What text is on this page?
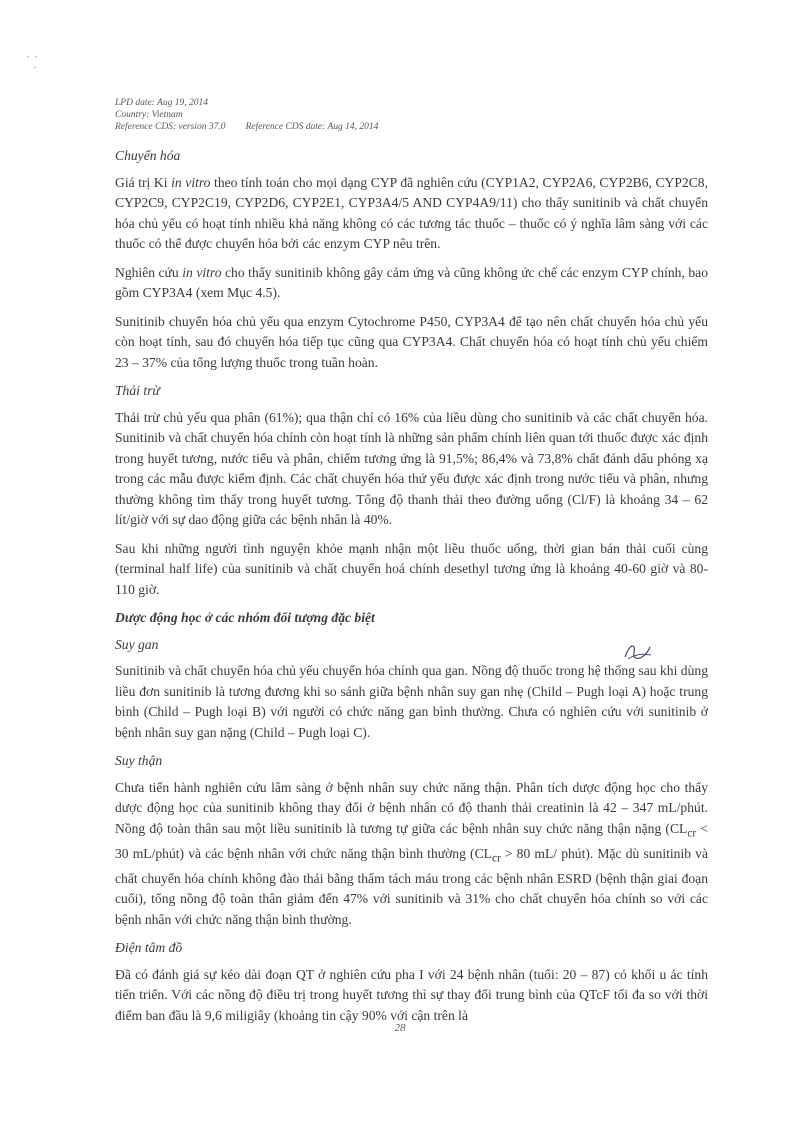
·  ·
·
LPD date: Aug 19, 2014
Country: Vietnam
Reference CDS: version 37.0 Reference CDS date: Aug 14, 2014
Chuyển hóa

Giá trị Ki in vitro theo tính toán cho mọi dạng CYP đã nghiên cứu (CYP1A2, CYP2A6, CYP2B6, CYP2C8, CYP2C9, CYP2C19, CYP2D6, CYP2E1, CYP3A4/5 AND CYP4A9/11) cho thấy sunitinib và chất chuyển hóa chủ yếu có hoạt tính nhiều khả năng không có các tương tác thuốc – thuốc có ý nghĩa lâm sàng với các thuốc có thể được chuyển hóa bởi các enzym CYP nêu trên.

Nghiên cứu in vitro cho thấy sunitinib không gây cảm ứng và cũng không ức chế các enzym CYP chính, bao gồm CYP3A4 (xem Mục 4.5).

Sunitinib chuyển hóa chủ yếu qua enzym Cytochrome P450, CYP3A4 để tạo nên chất chuyển hóa chủ yếu còn hoạt tính, sau đó chuyển hóa tiếp tục cũng qua CYP3A4. Chất chuyển hóa có hoạt tính chủ yếu chiếm 23 – 37% của tổng lượng thuốc trong tuần hoàn.

Thải trừ

Thải trừ chủ yếu qua phân (61%); qua thận chỉ có 16% của liều dùng cho sunitinib và các chất chuyển hóa. Sunitinib và chất chuyển hóa chính còn hoạt tính là những sản phẩm chính liên quan tới thuốc được xác định trong huyết tương, nước tiểu và phân, chiếm tương ứng là 91,5%; 86,4% và 73,8% chất đánh dấu phóng xạ trong các mẫu được kiểm định. Các chất chuyển hóa thứ yếu được xác định trong nước tiểu và phân, nhưng thường không tìm thấy trong huyết tương. Tổng độ thanh thải theo đường uống (Cl/F) là khoảng 34 – 62 lít/giờ với sự dao động giữa các bệnh nhân là 40%.

Sau khi những người tình nguyện khỏe mạnh nhận một liều thuốc uống, thời gian bán thải cuối cùng (terminal half life) của sunitinib và chất chuyển hoá chính desethyl tương ứng là khoảng 40-60 giờ và 80-110 giờ.

Dược động học ở các nhóm đối tượng đặc biệt
Suy gan

Sunitinib và chất chuyển hóa chủ yếu chuyển hóa chính qua gan. Nồng độ thuốc trong hệ thống sau khi dùng liều đơn sunitinib là tương đương khi so sánh giữa bệnh nhân suy gan nhẹ (Child – Pugh loại A) hoặc trung bình (Child – Pugh loại B) với người có chức năng gan bình thường. Chưa có nghiên cứu với sunitinib ở bệnh nhân suy gan nặng (Child – Pugh loại C).

Suy thận

Chưa tiến hành nghiên cứu lâm sàng ở bệnh nhân suy chức năng thận. Phân tích dược động học cho thấy dược động học của sunitinib không thay đổi ở bệnh nhân có độ thanh thải creatinin là 42 – 347 mL/phút. Nồng độ toàn thân sau một liều sunitinib là tương tự giữa các bệnh nhân suy chức năng thận nặng ($CL_{cr} < 30$ mL/phút) và các bệnh nhân với chức năng thận bình thường ($CL_{cr} > 80$ mL/ phút). Mặc dù sunitinib và chất chuyển hóa chính không đào thải bằng thẩm tách máu trong các bệnh nhân ESRD (bệnh thận giai đoạn cuối), tổng nồng độ toàn thân giảm đến 47% với sunitinib và 31% cho chất chuyển hóa chính so với các bệnh nhân với chức năng thận bình thường.

Điện tâm đồ

Đã có đánh giá sự kéo dài đoạn QT ở nghiên cứu pha I với 24 bệnh nhân (tuổi: 20 – 87) có khối u ác tính tiến triển. Với các nồng độ điều trị trong huyết tương thì sự thay đổi trung bình của QTcF tối đa so với thời điểm ban đầu là 9,6 miligiây (khoảng tin cậy 90% với cận trên là

28
